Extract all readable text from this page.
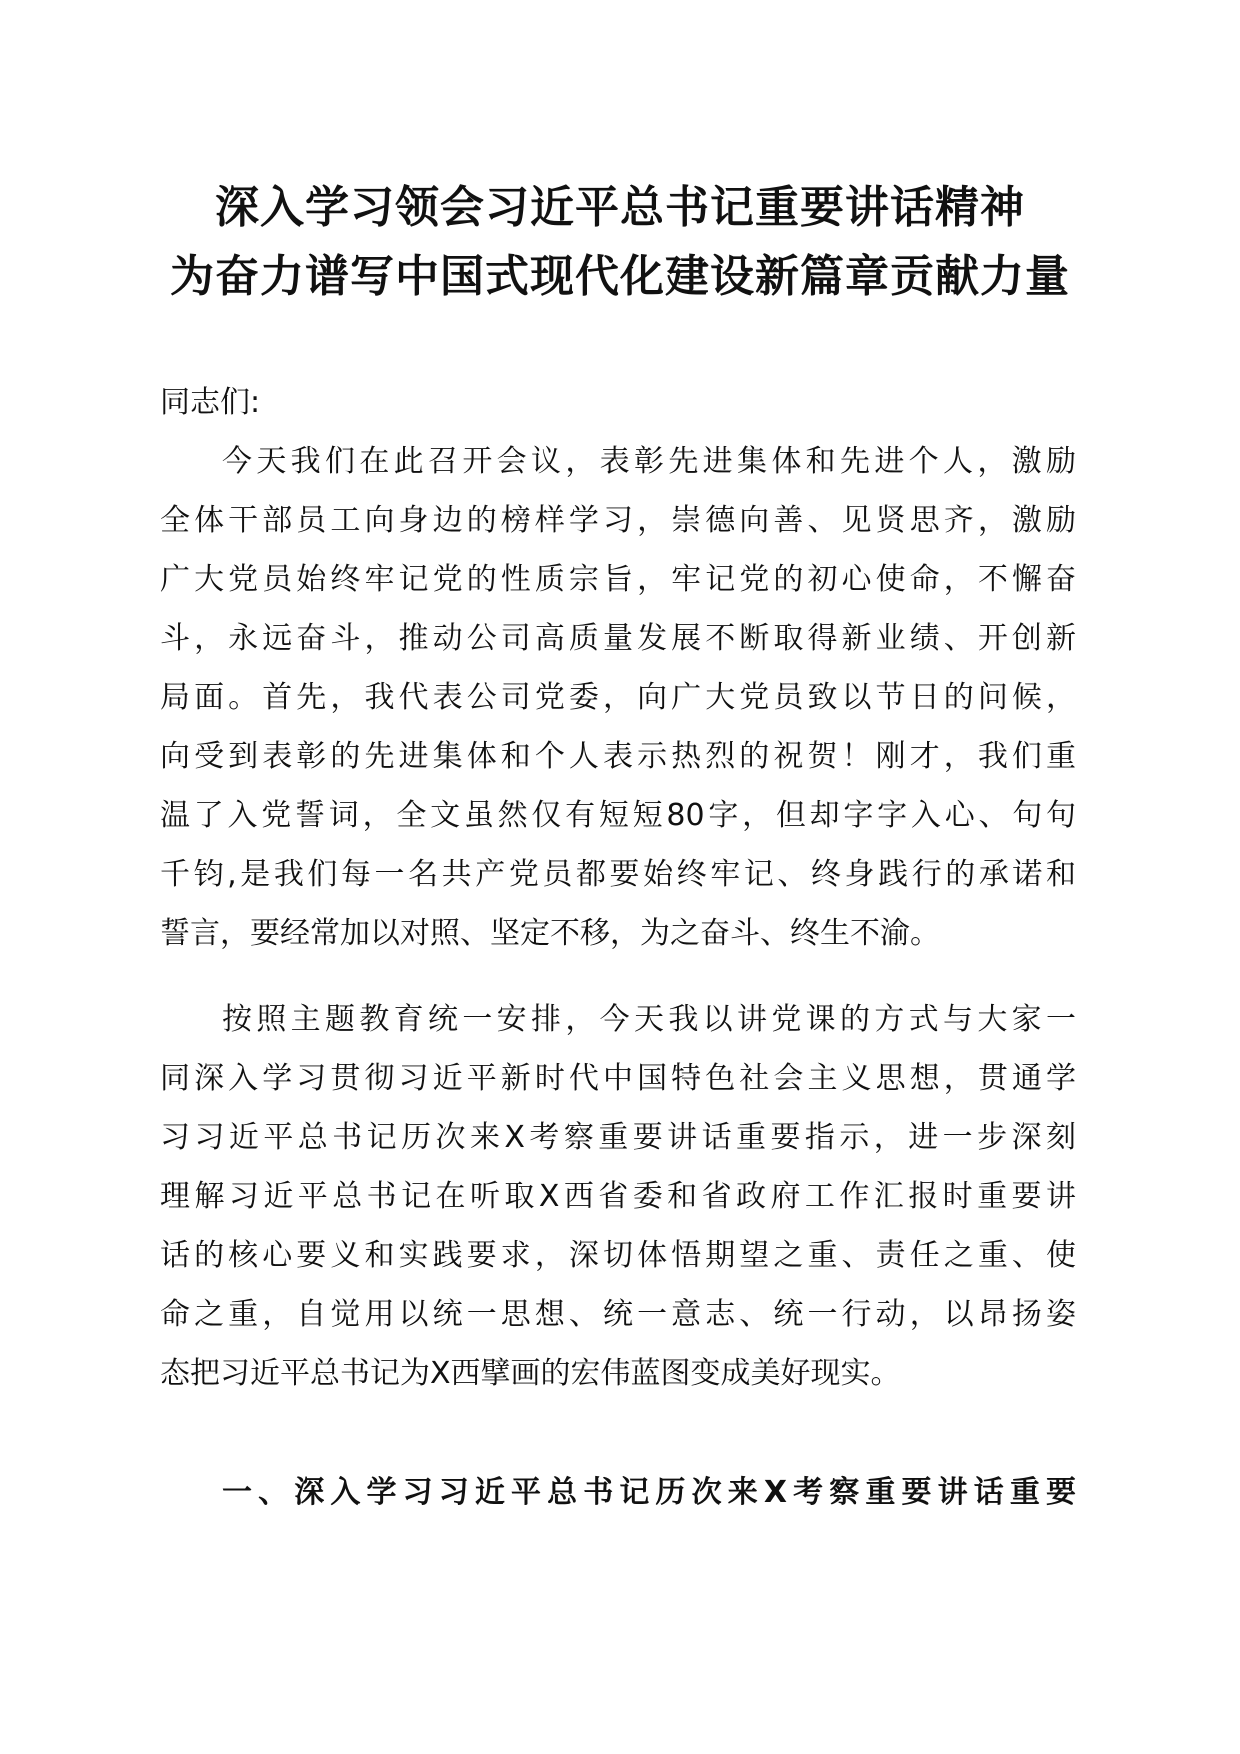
深入学习领会习近平总书记重要讲话精神
为奋力谱写中国式现代化建设新篇章贡献力量

同志们:

今天我们在此召开会议，表彰先进集体和先进个人，激励

全体干部员工向身边的榜样学习，崇德向善、见贤思齐，激励

广大党员始终牢记党的性质宗旨，牢记党的初心使命，不懈奋

斗，永远奋斗，推动公司高质量发展不断取得新业绩、开创新

局面。首先，我代表公司党委，向广大党员致以节日的问候，

向受到表彰的先进集体和个人表示热烈的祝贺！刚才，我们重

温了入党誓词，全文虽然仅有短短80字，但却字字入心、句句

千钧,是我们每一名共产党员都要始终牢记、终身践行的承诺和

誓言，要经常加以对照、坚定不移，为之奋斗、终生不渝。

按照主题教育统一安排，今天我以讲党课的方式与大家一

同深入学习贯彻习近平新时代中国特色社会主义思想，贯通学

习习近平总书记历次来X考察重要讲话重要指示，进一步深刻

理解习近平总书记在听取X西省委和省政府工作汇报时重要讲

话的核心要义和实践要求，深切体悟期望之重、责任之重、使

命之重，自觉用以统一思想、统一意志、统一行动，以昂扬姿

态把习近平总书记为X西擘画的宏伟蓝图变成美好现实。

一、深入学习习近平总书记历次来X考察重要讲话重要
